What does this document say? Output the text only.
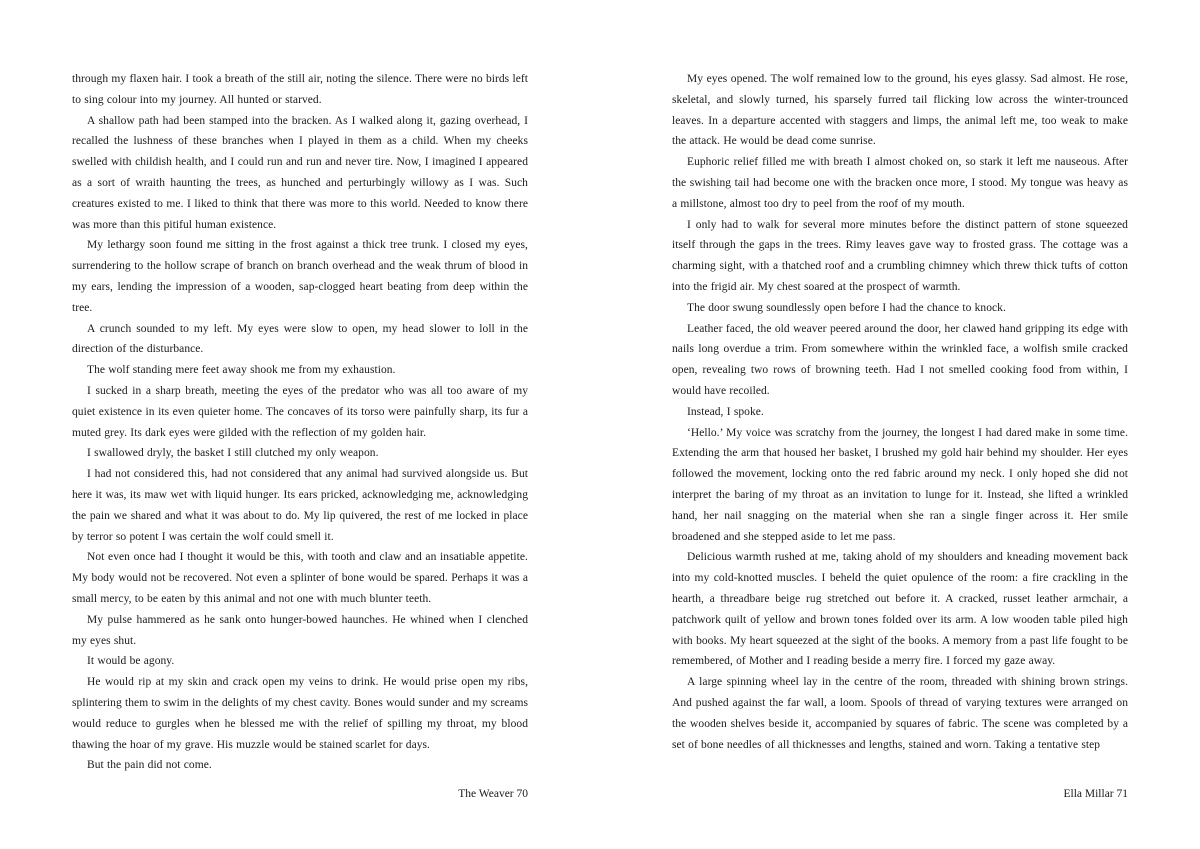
through my flaxen hair. I took a breath of the still air, noting the silence. There were no birds left to sing colour into my journey. All hunted or starved.

A shallow path had been stamped into the bracken. As I walked along it, gazing overhead, I recalled the lushness of these branches when I played in them as a child. When my cheeks swelled with childish health, and I could run and run and never tire. Now, I imagined I appeared as a sort of wraith haunting the trees, as hunched and perturbingly willowy as I was. Such creatures existed to me. I liked to think that there was more to this world. Needed to know there was more than this pitiful human existence.

My lethargy soon found me sitting in the frost against a thick tree trunk. I closed my eyes, surrendering to the hollow scrape of branch on branch overhead and the weak thrum of blood in my ears, lending the impression of a wooden, sap-clogged heart beating from deep within the tree.

A crunch sounded to my left. My eyes were slow to open, my head slower to loll in the direction of the disturbance.

The wolf standing mere feet away shook me from my exhaustion.

I sucked in a sharp breath, meeting the eyes of the predator who was all too aware of my quiet existence in its even quieter home. The concaves of its torso were painfully sharp, its fur a muted grey. Its dark eyes were gilded with the reflection of my golden hair.

I swallowed dryly, the basket I still clutched my only weapon.

I had not considered this, had not considered that any animal had survived alongside us. But here it was, its maw wet with liquid hunger. Its ears pricked, acknowledging me, acknowledging the pain we shared and what it was about to do. My lip quivered, the rest of me locked in place by terror so potent I was certain the wolf could smell it.

Not even once had I thought it would be this, with tooth and claw and an insatiable appetite. My body would not be recovered. Not even a splinter of bone would be spared. Perhaps it was a small mercy, to be eaten by this animal and not one with much blunter teeth.

My pulse hammered as he sank onto hunger-bowed haunches. He whined when I clenched my eyes shut.

It would be agony.

He would rip at my skin and crack open my veins to drink. He would prise open my ribs, splintering them to swim in the delights of my chest cavity. Bones would sunder and my screams would reduce to gurgles when he blessed me with the relief of spilling my throat, my blood thawing the hoar of my grave. His muzzle would be stained scarlet for days.

But the pain did not come.

The Weaver 70

My eyes opened. The wolf remained low to the ground, his eyes glassy. Sad almost. He rose, skeletal, and slowly turned, his sparsely furred tail flicking low across the winter-trounced leaves. In a departure accented with staggers and limps, the animal left me, too weak to make the attack. He would be dead come sunrise.

Euphoric relief filled me with breath I almost choked on, so stark it left me nauseous. After the swishing tail had become one with the bracken once more, I stood. My tongue was heavy as a millstone, almost too dry to peel from the roof of my mouth.

I only had to walk for several more minutes before the distinct pattern of stone squeezed itself through the gaps in the trees. Rimy leaves gave way to frosted grass. The cottage was a charming sight, with a thatched roof and a crumbling chimney which threw thick tufts of cotton into the frigid air. My chest soared at the prospect of warmth.

The door swung soundlessly open before I had the chance to knock.

Leather faced, the old weaver peered around the door, her clawed hand gripping its edge with nails long overdue a trim. From somewhere within the wrinkled face, a wolfish smile cracked open, revealing two rows of browning teeth. Had I not smelled cooking food from within, I would have recoiled.

Instead, I spoke.

‘Hello.’ My voice was scratchy from the journey, the longest I had dared make in some time. Extending the arm that housed her basket, I brushed my gold hair behind my shoulder. Her eyes followed the movement, locking onto the red fabric around my neck. I only hoped she did not interpret the baring of my throat as an invitation to lunge for it. Instead, she lifted a wrinkled hand, her nail snagging on the material when she ran a single finger across it. Her smile broadened and she stepped aside to let me pass.

Delicious warmth rushed at me, taking ahold of my shoulders and kneading movement back into my cold-knotted muscles. I beheld the quiet opulence of the room: a fire crackling in the hearth, a threadbare beige rug stretched out before it. A cracked, russet leather armchair, a patchwork quilt of yellow and brown tones folded over its arm. A low wooden table piled high with books. My heart squeezed at the sight of the books. A memory from a past life fought to be remembered, of Mother and I reading beside a merry fire. I forced my gaze away.

A large spinning wheel lay in the centre of the room, threaded with shining brown strings. And pushed against the far wall, a loom. Spools of thread of varying textures were arranged on the wooden shelves beside it, accompanied by squares of fabric. The scene was completed by a set of bone needles of all thicknesses and lengths, stained and worn. Taking a tentative step

Ella Millar 71
